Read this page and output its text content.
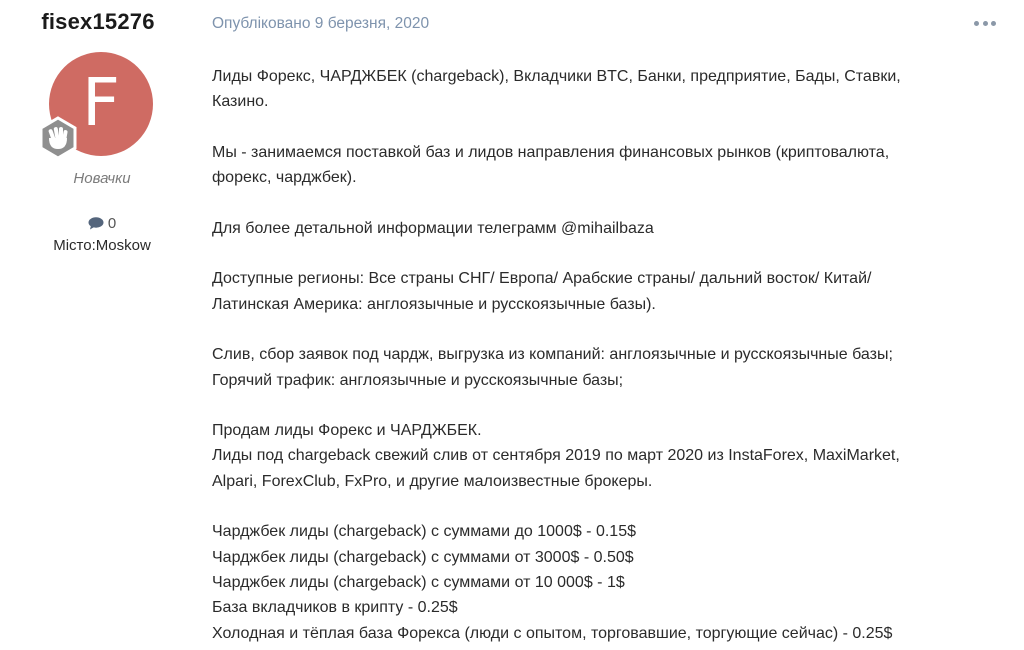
fisex15276
F
Новачки
0
Місто:Moskow
Опубліковано 9 березня, 2020

Лиды Форекс, ЧАРДЖБЕК (chargeback), Вкладчики BTC, Банки, предприятие, Бады, Ставки,
Казино.

Мы - занимаемся поставкой баз и лидов направления финансовых рынков (криптовалюта,
форекс, чарджбек).

Для более детальной информации телеграмм @mihailbaza

Доступные регионы: Все страны СНГ/ Европа/ Арабские страны/ дальний восток/ Китай/
Латинская Америка: англоязычные и русскоязычные базы).

Слив, сбор заявок под чардж, выгрузка из компаний: англоязычные и русскоязычные базы;
Горячий трафик: англоязычные и русскоязычные базы;

Продам лиды Форекс и ЧАРДЖБЕК.
Лиды под chargeback свежий слив от сентября 2019 по март 2020 из InstaForex, MaxiMarket,
Alpari, ForexClub, FxPro, и другие малоизвестные брокеры.

Чарджбек лиды (chargeback) с суммами до 1000$ - 0.15$
Чарджбек лиды (chargeback) с суммами от 3000$ - 0.50$
Чарджбек лиды (chargeback) с суммами от 10 000$ - 1$
База вкладчиков в крипту - 0.25$
Холодная и тёплая база Форекса (люди с опытом, торговавшие, торгующие сейчас) - 0.25$
